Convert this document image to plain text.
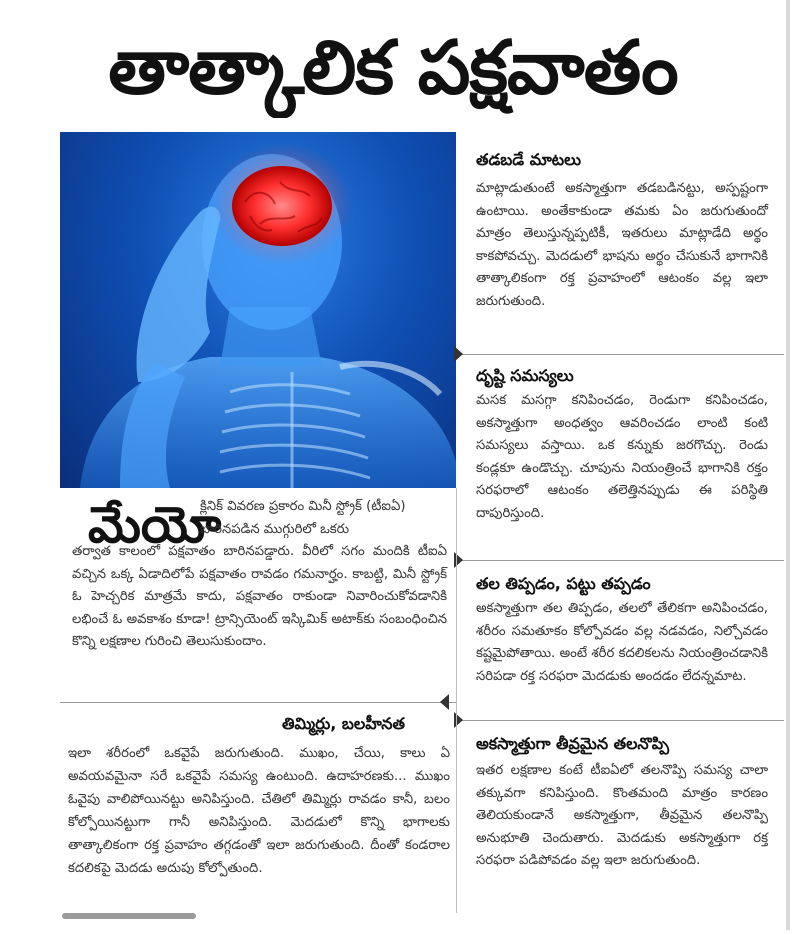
తాత్కాలిక పక్షవాతం
తడబడే మాటలు

మాట్లాడుతుంటే అకస్మాత్తుగా తడబడినట్టు, అస్పష్టంగా ఉంటాయి. అంతేకాకుండా తమకు ఏం జరుగుతుందో మాత్రం తెలుస్తున్నప్పటికీ, ఇతరులు మాట్లాడేది అర్థం కాకపోవచ్చు. మెదడులో భాషను అర్థం చేసుకునే భాగానికి తాత్కాలికంగా రక్త ప్రవాహంలో ఆటంకం వల్ల ఇలా జరుగుతుంది.

దృష్టి సమస్యలు

మసక మసగ్గా కనిపించడం, రెండుగా కనిపించడం, అకస్మాత్తుగా అంధత్వం ఆవరించడం లాంటి కంటి సమస్యలు వస్తాయి. ఒక కన్నుకు జరగొచ్చు. రెండు కండ్లకూ ఉండొచ్చు. చూపును నియంత్రించే భాగానికి రక్తం సరఫరాలో ఆటంకం తలెత్తినప్పుడు ఈ పరిస్థితి దాపురిస్తుంది.

తల తిప్పడం, పట్టు తప్పడం

అకస్మాత్తుగా తల తిప్పడం, తలలో తేలికగా అనిపించడం, శరీరం సమతూకం కోల్పోవడం వల్ల నడవడం, నిల్చోవడం కష్టమైపోతాయి. అంటే శరీర కదలికలను నియంత్రించడానికి సరిపడా రక్త సరఫరా మెదడుకు అందడం లేదన్నమాట.

అకస్మాత్తుగా తీవ్రమైన తలనొప్పి

ఇతర లక్షణాల కంటే టీఐఏలో తలనొప్పి సమస్య చాలా తక్కువగా కనిపిస్తుంది. కొంతమంది మాత్రం కారణం తెలియకుండానే అకస్మాత్తుగా, తీవ్రమైన తలనొప్పి అనుభూతి చెందుతారు. మెదడుకు అకస్మాత్తుగా రక్త సరఫరా పడిపోవడం వల్ల ఇలా జరుగుతుంది.

మేయో
క్లినిక్ వివరణ ప్రకారం మినీ స్ట్రోక్ (టీఐఏ) బారినపడిన ముగ్గురిలో ఒకరు
తర్వాత కాలంలో పక్షవాతం బారినపడ్డారు. వీరిలో సగం మందికి టీఐఏ వచ్చిన ఒక్క ఏడాదిలోపే పక్షవాతం రావడం గమనార్హం. కాబట్టి, మినీ స్ట్రోక్ ఓ హెచ్చరిక మాత్రమే కాదు, పక్షవాతం రాకుండా నివారించుకోవడానికి లభించే ఓ అవకాశం కూడా! ట్రాన్సియెంట్ ఇస్కిమిక్ అటాక్‌కు సంబంధించిన కొన్ని లక్షణాల గురించి తెలుసుకుందాం.
తిమ్మిర్లు, బలహీనత

ఇలా శరీరంలో ఒకవైపే జరుగుతుంది. ముఖం, చేయి, కాలు ఏ అవయవమైనా సరే ఒకవైపే సమస్య ఉంటుంది. ఉదాహరణకు... ముఖం ఓవైపు వాలిపోయినట్టు అనిపిస్తుంది. చేతిలో తిమ్మిర్లు రావడం కానీ, బలం కోల్పోయినట్టుగా గానీ అనిపిస్తుంది. మెదడులో కొన్ని భాగాలకు తాత్కాలికంగా రక్త ప్రవాహం తగ్గడంతో ఇలా జరుగుతుంది. దీంతో కండరాల కదలికపై మెదడు అదుపు కోల్పోతుంది.
